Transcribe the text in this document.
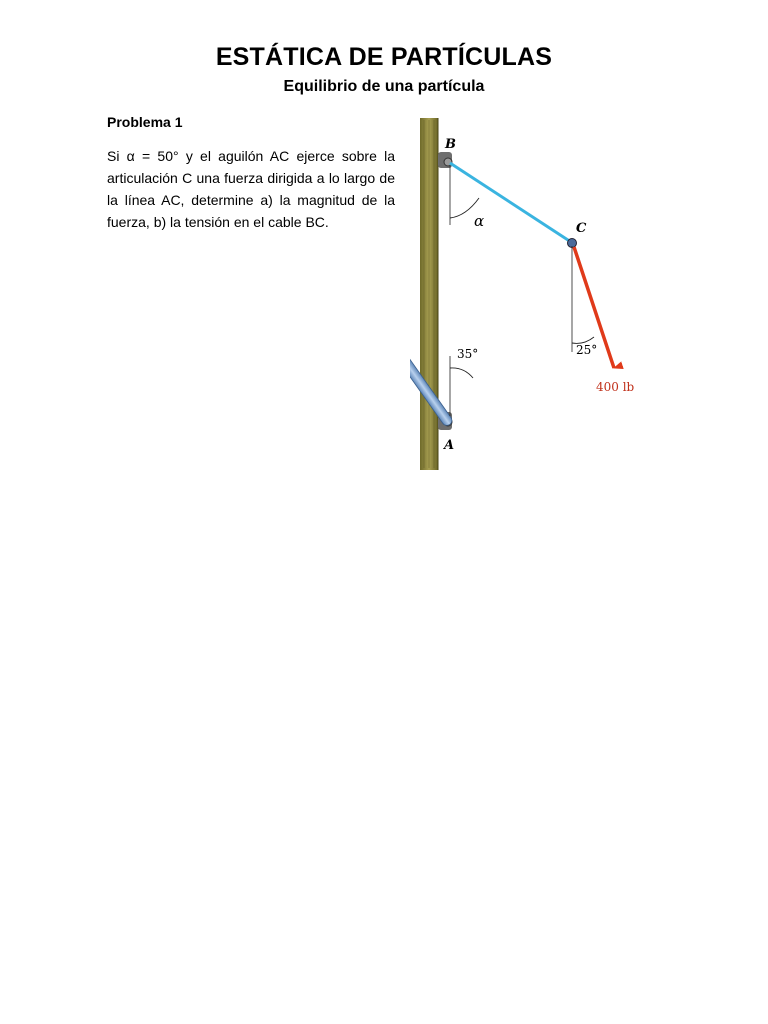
ESTÁTICA DE PARTÍCULAS
Equilibrio de una partícula
Problema 1
Si α = 50° y el aguilón AC ejerce sobre la articulación C una fuerza dirigida a lo largo de la línea AC, determine a) la magnitud de la fuerza, b) la tensión en el cable BC.
B
C
A
α
35°	25°
400 lb
